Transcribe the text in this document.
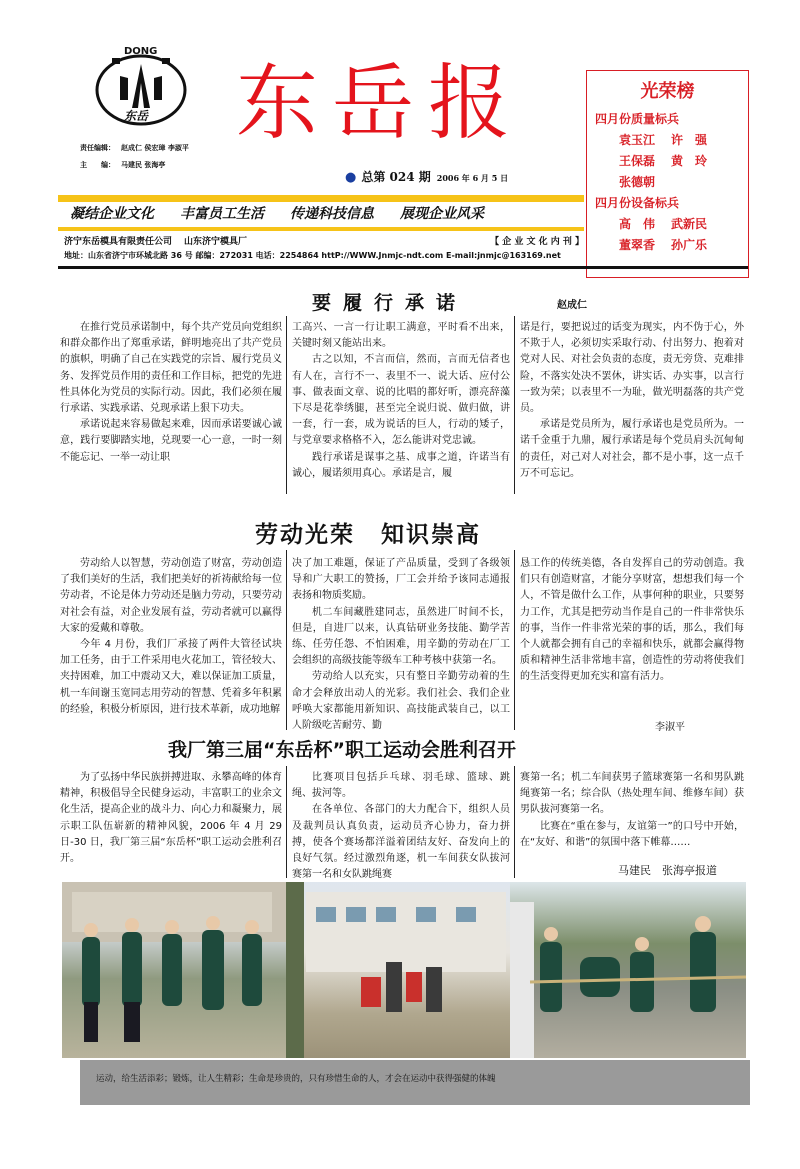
DONG
东岳
责任编辑： 赵成仁 侯宏璋 李淑平
主　　编： 马建民 张海亭
东岳报
● 总第 024 期 2006 年 6 月 5 日
光荣榜
四月份质量标兵
袁玉江 许　强
王保磊 黄　玲
张德朝
四月份设备标兵
高　伟 武新民
董翠香 孙广乐
凝结企业文化 丰富员工生活 传递科技信息 展现企业风采
济宁东岳模具有限责任公司 山东济宁模具厂	【 企 业 文 化 内 刊 】
地址：山东省济宁市环城北路 36 号 邮编：272031 电话：2254864 httP://WWW.Jnmjc-ndt.com E-mail:jnmjc@163169.net
要履行承诺	赵成仁

在推行党员承诺制中，每个共产党员向党组织和群众都作出了郑重承诺，鲜明地亮出了共产党员的旗帜，明确了自己在实践党的宗旨、履行党员义务、发挥党员作用的责任和工作目标，把党的先进性具体化为党员的实际行动。因此，我们必须在履行承诺、实践承诺、兑现承诺上狠下功夫。

承诺说起来容易做起来难，因而承诺要诚心诚意，践行要脚踏实地，兑现要一心一意，一时一刻不能忘记、一举一动让职

工高兴、一言一行让职工满意，平时看不出来，关键时刻又能站出来。

古之以知，不言而信，然而，言而无信者也有人在，言行不一、表里不一、说大话、应付公事、做表面文章、说的比唱的都好听，漂亮辞藻下尽是花拳绣腿，甚至完全说归说、做归做，讲一套，行一套，成为说话的巨人，行动的矮子，与党章要求格格不入，怎么能讲对党忠诚。

践行承诺是谋事之基、成事之道，许诺当有诚心，履诺须用真心。承诺是言，履

诺是行，要把说过的话变为现实，内不伪于心，外不欺于人，必须切实采取行动、付出努力、抱着对党对人民、对社会负责的态度，责无旁贷、克难排险，不落实处决不罢休，讲实话、办实事，以言行一致为荣；以表里不一为耻，做光明磊落的共产党员。

承诺是党员所为，履行承诺也是党员所为。一诺千金重于九鼎，履行承诺是每个党员肩头沉甸甸的责任，对己对人对社会，都不是小事，这一点千万不可忘记。

劳动光荣 知识崇高

劳动给人以智慧，劳动创造了财富，劳动创造了我们美好的生活，我们把美好的祈祷献给每一位劳动者，不论是体力劳动还是脑力劳动，只要劳动对社会有益，对企业发展有益，劳动者就可以赢得大家的爱戴和尊敬。

今年 4 月份，我们厂承接了两件大管径试块加工任务，由于工件采用电火花加工，管径较大、夹持困难，加工中震动又大，难以保证加工质量，机一车间谢玉宽同志用劳动的智慧、凭着多年积累的经验，积极分析原因，进行技术革新，成功地解

决了加工难题，保证了产品质量，受到了各级领导和广大职工的赞扬，厂工会并给予该同志通报表扬和物质奖励。

机二车间藏胜建同志，虽然进厂时间不长，但是，自进厂以来，认真钻研业务技能、勤学苦练、任劳任怨、不怕困难，用辛勤的劳动在厂工会组织的高级技能等级车工种考核中获第一名。

劳动给人以充实，只有整日辛勤劳动着的生命才会释放出动人的光彩。我们社会、我们企业呼唤大家都能用新知识、高技能武装自己，以工人阶级吃苦耐劳、勤

恳工作的传统美德，各自发挥自己的劳动创造。我们只有创造财富，才能分享财富，想想我们每一个人，不管是做什么工作，从事何种的职业，只要努力工作，尤其是把劳动当作是自己的一件非常快乐的事，当作一件非常光荣的事的话，那么，我们每个人就都会拥有自己的幸福和快乐，就都会赢得物质和精神生活非常地丰富，创造性的劳动将使我们的生活变得更加充实和富有活力。

李淑平
我厂第三届“东岳杯”职工运动会胜利召开

为了弘扬中华民族拼搏进取、永攀高峰的体育精神，积极倡导全民健身运动，丰富职工的业余文化生活，提高企业的战斗力、向心力和凝聚力，展示职工队伍崭新的精神风貌，2006 年 4 月 29 日-30 日，我厂第三届“东岳杯”职工运动会胜利召开。

比赛项目包括乒乓球、羽毛球、篮球、跳绳、拔河等。

在各单位、各部门的大力配合下，组织人员及裁判员认真负责，运动员齐心协力，奋力拼搏，使各个赛场都洋溢着团结友好、奋发向上的良好气氛。经过激烈角逐，机一车间获女队拔河赛第一名和女队跳绳赛

赛第一名；机二车间获男子篮球赛第一名和男队跳绳赛第一名；综合队（热处理车间、维修车间）获男队拔河赛第一名。

比赛在“重在参与，友谊第一”的口号中开始，在“友好、和谐”的氛围中落下帷幕……

马建民　张海亭报道
运动，给生活添彩；锻炼，让人生精彩；生命是珍贵的，只有珍惜生命的人，才会在运动中获得强健的体魄
